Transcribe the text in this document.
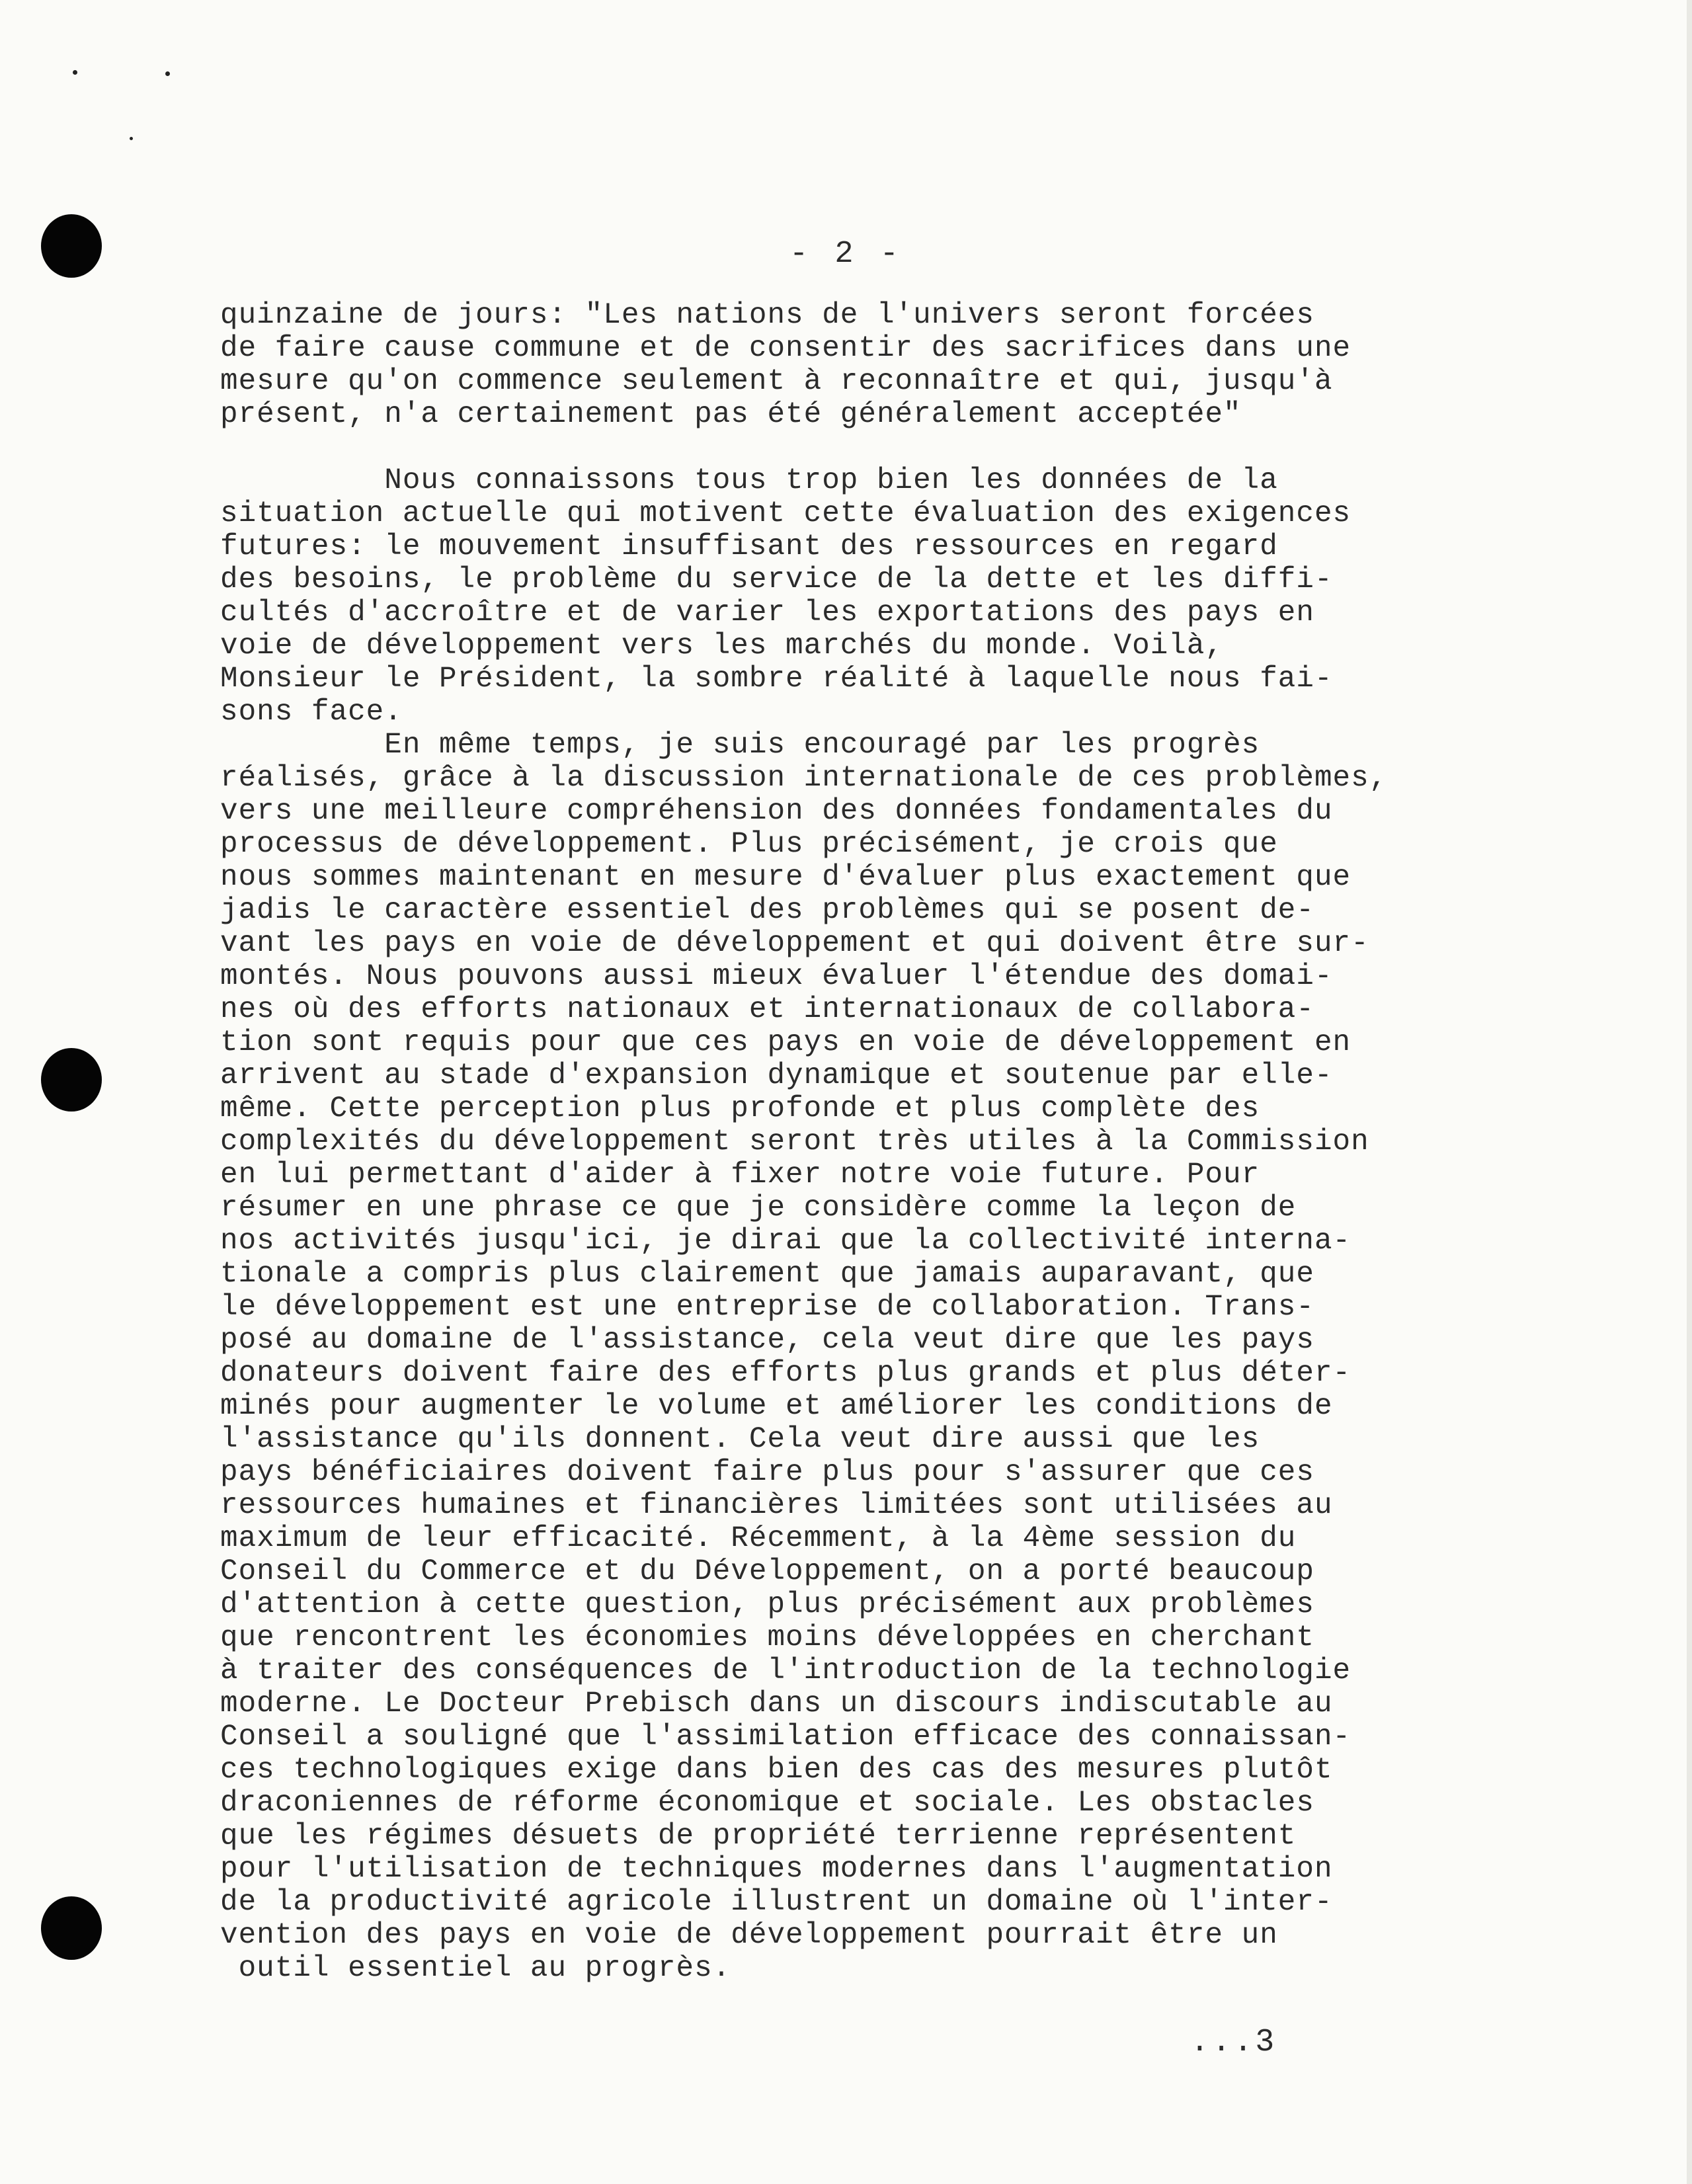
- 2 -
quinzaine de jours: "Les nations de l'univers seront forcées
de faire cause commune et de consentir des sacrifices dans une
mesure qu'on commence seulement à reconnaître et qui, jusqu'à
présent, n'a certainement pas été généralement acceptée"
Nous connaissons tous trop bien les données de la
situation actuelle qui motivent cette évaluation des exigences
futures: le mouvement insuffisant des ressources en regard
des besoins, le problème du service de la dette et les diffi-
cultés d'accroître et de varier les exportations des pays en
voie de développement vers les marchés du monde. Voilà,
Monsieur le Président, la sombre réalité à laquelle nous fai-
sons face.
En même temps, je suis encouragé par les progrès
réalisés, grâce à la discussion internationale de ces problèmes,
vers une meilleure compréhension des données fondamentales du
processus de développement. Plus précisément, je crois que
nous sommes maintenant en mesure d'évaluer plus exactement que
jadis le caractère essentiel des problèmes qui se posent de-
vant les pays en voie de développement et qui doivent être sur-
montés. Nous pouvons aussi mieux évaluer l'étendue des domai-
nes où des efforts nationaux et internationaux de collabora-
tion sont requis pour que ces pays en voie de développement en
arrivent au stade d'expansion dynamique et soutenue par elle-
même. Cette perception plus profonde et plus complète des
complexités du développement seront très utiles à la Commission
en lui permettant d'aider à fixer notre voie future. Pour
résumer en une phrase ce que je considère comme la leçon de
nos activités jusqu'ici, je dirai que la collectivité interna-
tionale a compris plus clairement que jamais auparavant, que
le développement est une entreprise de collaboration. Trans-
posé au domaine de l'assistance, cela veut dire que les pays
donateurs doivent faire des efforts plus grands et plus déter-
minés pour augmenter le volume et améliorer les conditions de
l'assistance qu'ils donnent. Cela veut dire aussi que les
pays bénéficiaires doivent faire plus pour s'assurer que ces
ressources humaines et financières limitées sont utilisées au
maximum de leur efficacité. Récemment, à la 4ème session du
Conseil du Commerce et du Développement, on a porté beaucoup
d'attention à cette question, plus précisément aux problèmes
que rencontrent les économies moins développées en cherchant
à traiter des conséquences de l'introduction de la technologie
moderne. Le Docteur Prebisch dans un discours indiscutable au
Conseil a souligné que l'assimilation efficace des connaissan-
ces technologiques exige dans bien des cas des mesures plutôt
draconiennes de réforme économique et sociale. Les obstacles
que les régimes désuets de propriété terrienne représentent
pour l'utilisation de techniques modernes dans l'augmentation
de la productivité agricole illustrent un domaine où l'inter-
vention des pays en voie de développement pourrait être un
outil essentiel au progrès.
...3
